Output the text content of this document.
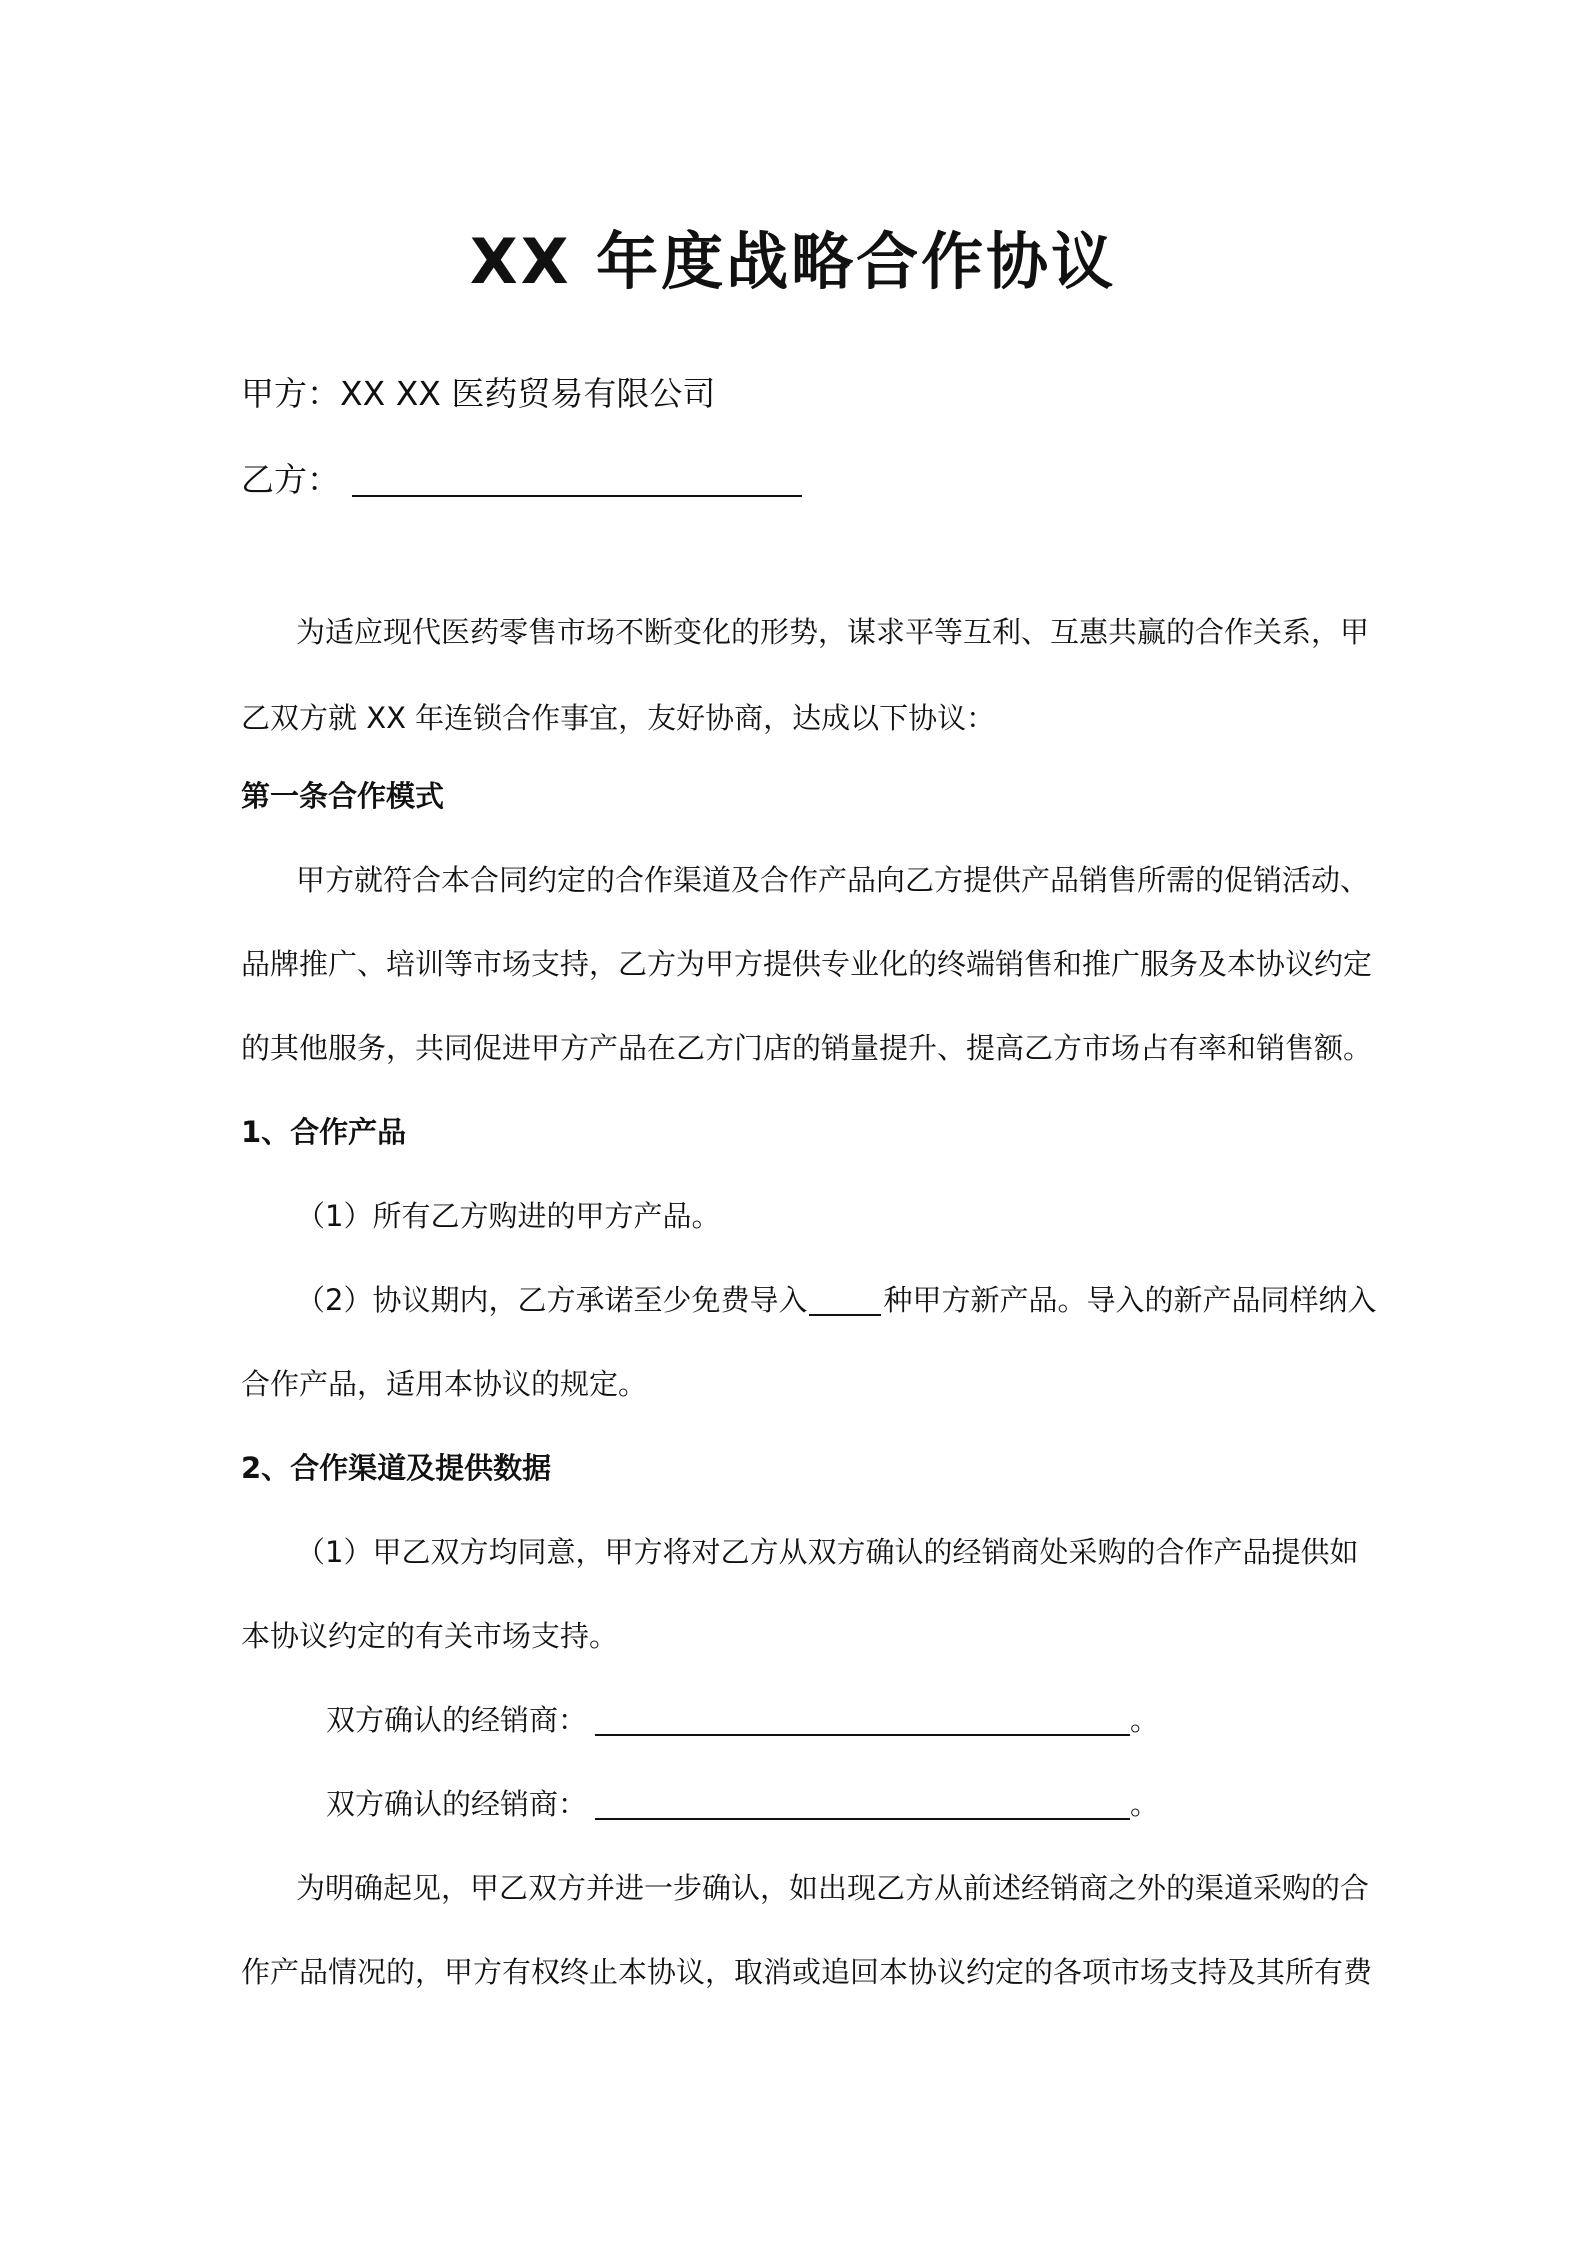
XX 年度战略合作协议
甲方：XX XX 医药贸易有限公司
乙方：
为适应现代医药零售市场不断变化的形势，谋求平等互利、互惠共赢的合作关系，甲
乙双方就 XX 年连锁合作事宜，友好协商，达成以下协议：
第一条合作模式
甲方就符合本合同约定的合作渠道及合作产品向乙方提供产品销售所需的促销活动、
品牌推广、培训等市场支持，乙方为甲方提供专业化的终端销售和推广服务及本协议约定
的其他服务，共同促进甲方产品在乙方门店的销量提升、提高乙方市场占有率和销售额。
1、合作产品
（1）所有乙方购进的甲方产品。
（2）协议期内，乙方承诺至少免费导入	种甲方新产品。导入的新产品同样纳入
合作产品，适用本协议的规定。
2、合作渠道及提供数据
（1）甲乙双方均同意，甲方将对乙方从双方确认的经销商处采购的合作产品提供如
本协议约定的有关市场支持。
双方确认的经销商：	。
双方确认的经销商：	。
为明确起见，甲乙双方并进一步确认，如出现乙方从前述经销商之外的渠道采购的合
作产品情况的，甲方有权终止本协议，取消或追回本协议约定的各项市场支持及其所有费
